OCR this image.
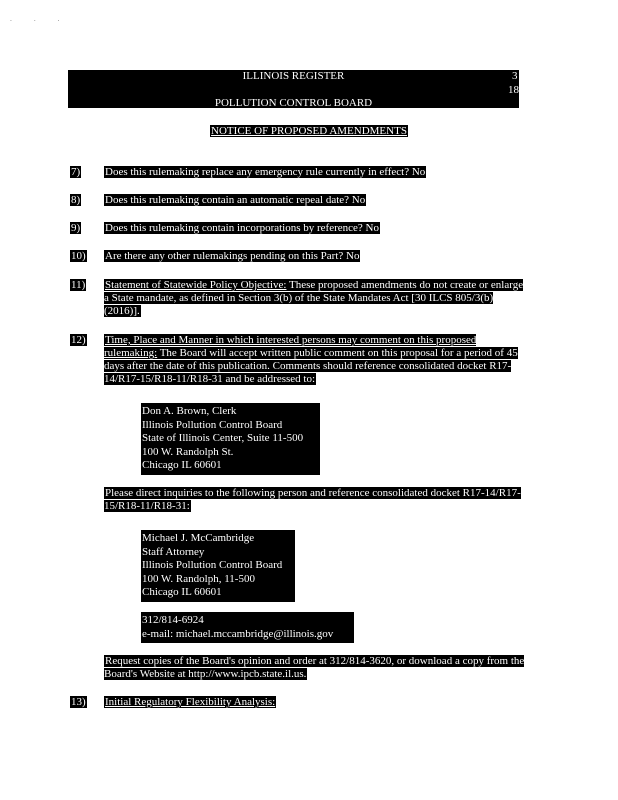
· · ·
ILLINOIS REGISTER	3
18
POLLUTION CONTROL BOARD
NOTICE OF PROPOSED AMENDMENTS
7)	Does this rulemaking replace any emergency rule currently in effect? No
8)	Does this rulemaking contain an automatic repeal date? No
9)	Does this rulemaking contain incorporations by reference? No
10) Are there any other rulemakings pending on this Part? No
11) Statement of Statewide Policy Objective: These proposed amendments do not create or enlarge a State mandate, as defined in Section 3(b) of the State Mandates Act [30 ILCS 805/3(b) (2016)].
12) Time, Place and Manner in which interested persons may comment on this proposed rulemaking: The Board will accept written public comment on this proposal for a period of 45 days after the date of this publication. Comments should reference consolidated docket R17-14/R17-15/R18-11/R18-31 and be addressed to:
Don A. Brown, Clerk
Illinois Pollution Control Board
State of Illinois Center, Suite 11-500
100 W. Randolph St.
Chicago IL 60601
Please direct inquiries to the following person and reference consolidated docket R17-14/R17-15/R18-11/R18-31:
Michael J. McCambridge
Staff Attorney
Illinois Pollution Control Board
100 W. Randolph, 11-500
Chicago IL 60601
312/814-6924
e-mail: michael.mccambridge@illinois.gov
Request copies of the Board's opinion and order at 312/814-3620, or download a copy from the Board's Website at http://www.ipcb.state.il.us.
13) Initial Regulatory Flexibility Analysis:
